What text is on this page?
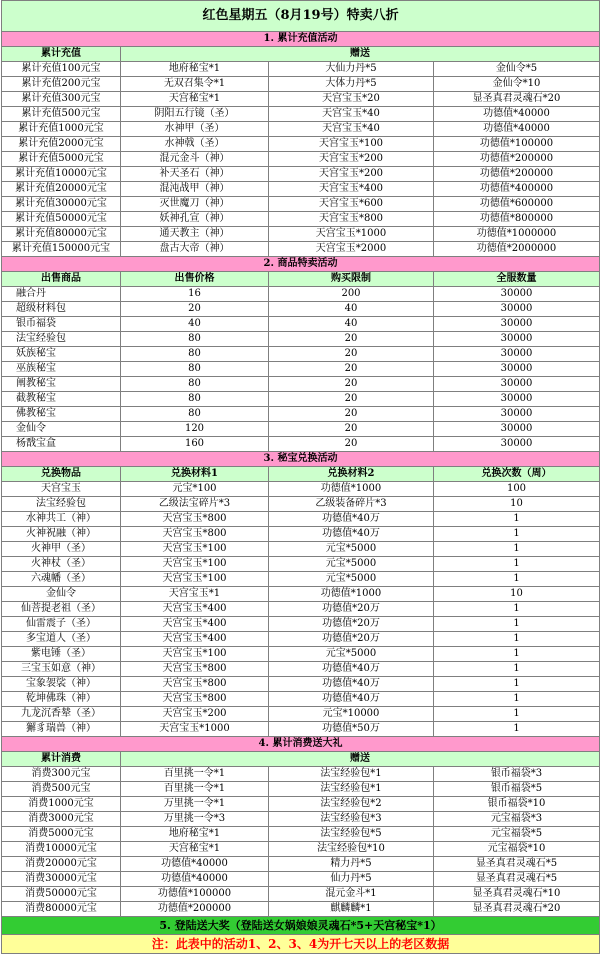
红色星期五（8月19号）特卖八折			
1. 累计充值活动			
累计充值	赠送		
累计充值100元宝	地府秘宝*1	大仙力丹*5	金仙令*5
累计充值200元宝	无双召集令*1	大体力丹*5	金仙令*10
累计充值300元宝	天宫秘宝*1	天宫宝玉*20	显圣真君灵魂石*20
累计充值500元宝	阴阳五行镜（圣）	天宫宝玉*40	功德值*40000
累计充值1000元宝	水神甲（圣）	天宫宝玉*40	功德值*40000
累计充值2000元宝	水神戟（圣）	天宫宝玉*100	功德值*100000
累计充值5000元宝	混元金斗（神）	天宫宝玉*200	功德值*200000
累计充值10000元宝	补天圣石（神）	天宫宝玉*200	功德值*200000
累计充值20000元宝	混沌战甲（神）	天宫宝玉*400	功德值*400000
累计充值30000元宝	灭世魔刀（神）	天宫宝玉*600	功德值*600000
累计充值50000元宝	妖神孔宣（神）	天宫宝玉*800	功德值*800000
累计充值80000元宝	通天教主（神）	天宫宝玉*1000	功德值*1000000
累计充值150000元宝	盘古大帝（神）	天宫宝玉*2000	功德值*2000000
2. 商品特卖活动			
出售商品	出售价格	购买限制	全服数量
融合丹	16	200	30000
超级材料包	20	40	30000
银币福袋	40	40	30000
法宝经验包	80	20	30000
妖族秘宝	80	20	30000
巫族秘宝	80	20	30000
阐教秘宝	80	20	30000
截教秘宝	80	20	30000
佛教秘宝	80	20	30000
金仙令	120	20	30000
杨戬宝盒	160	20	30000
3. 秘宝兑换活动			
兑换物品	兑换材料1	兑换材料2	兑换次数（周）
天宫宝玉	元宝*100	功德值*1000	100
法宝经验包	乙级法宝碎片*3	乙级装备碎片*3	10
水神共工（神）	天宫宝玉*800	功德值*40万	1
火神祝融（神）	天宫宝玉*800	功德值*40万	1
火神甲（圣）	天宫宝玉*100	元宝*5000	1
火神杖（圣）	天宫宝玉*100	元宝*5000	1
六魂幡（圣）	天宫宝玉*100	元宝*5000	1
金仙令	天宫宝玉*1	功德值*1000	10
仙菩提老祖（圣）	天宫宝玉*400	功德值*20万	1
仙雷震子（圣）	天宫宝玉*400	功德值*20万	1
多宝道人（圣）	天宫宝玉*400	功德值*20万	1
紫电锤（圣）	天宫宝玉*100	元宝*5000	1
三宝玉如意（神）	天宫宝玉*800	功德值*40万	1
宝象袈裟（神）	天宫宝玉*800	功德值*40万	1
乾坤佛珠（神）	天宫宝玉*800	功德值*40万	1
九龙沉香辇（圣）	天宫宝玉*200	元宝*10000	1
獬豸瑞兽（神）	天宫宝玉*1000	功德值*50万	1
4. 累计消费送大礼			
累计消费	赠送		
消费300元宝	百里挑一令*1	法宝经验包*1	银币福袋*3
消费500元宝	百里挑一令*1	法宝经验包*1	银币福袋*5
消费1000元宝	万里挑一令*1	法宝经验包*2	银币福袋*10
消费3000元宝	万里挑一令*3	法宝经验包*3	元宝福袋*3
消费5000元宝	地府秘宝*1	法宝经验包*5	元宝福袋*5
消费10000元宝	天宫秘宝*1	法宝经验包*10	元宝福袋*10
消费20000元宝	功德值*40000	精力丹*5	显圣真君灵魂石*5
消费30000元宝	功德值*40000	仙力丹*5	显圣真君灵魂石*5
消费50000元宝	功德值*100000	混元金斗*1	显圣真君灵魂石*10
消费80000元宝	功德值*200000	麒麟麟*1	显圣真君灵魂石*20
5. 登陆送大奖（登陆送女娲娘娘灵魂石*5+天宫秘宝*1）			
注：此表中的活动1、2、3、4为开七天以上的老区数据			
